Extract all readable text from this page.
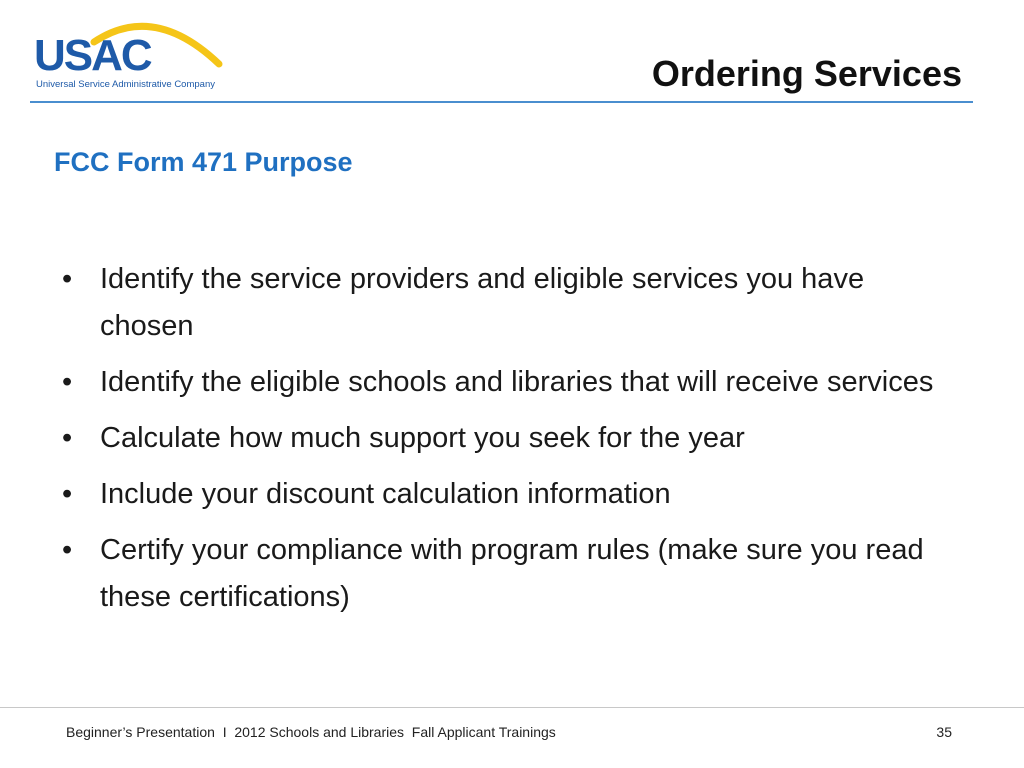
USAC
Universal Service Administrative Company	Ordering Services
FCC Form 471 Purpose
• Identify the service providers and eligible services you have chosen
• Identify the eligible schools and libraries that will receive services
• Calculate how much support you seek for the year
• Include your discount calculation information
• Certify your compliance with program rules (make sure you read these certifications)
Beginner’s Presentation  I  2012 Schools and Libraries  Fall Applicant Trainings	35
